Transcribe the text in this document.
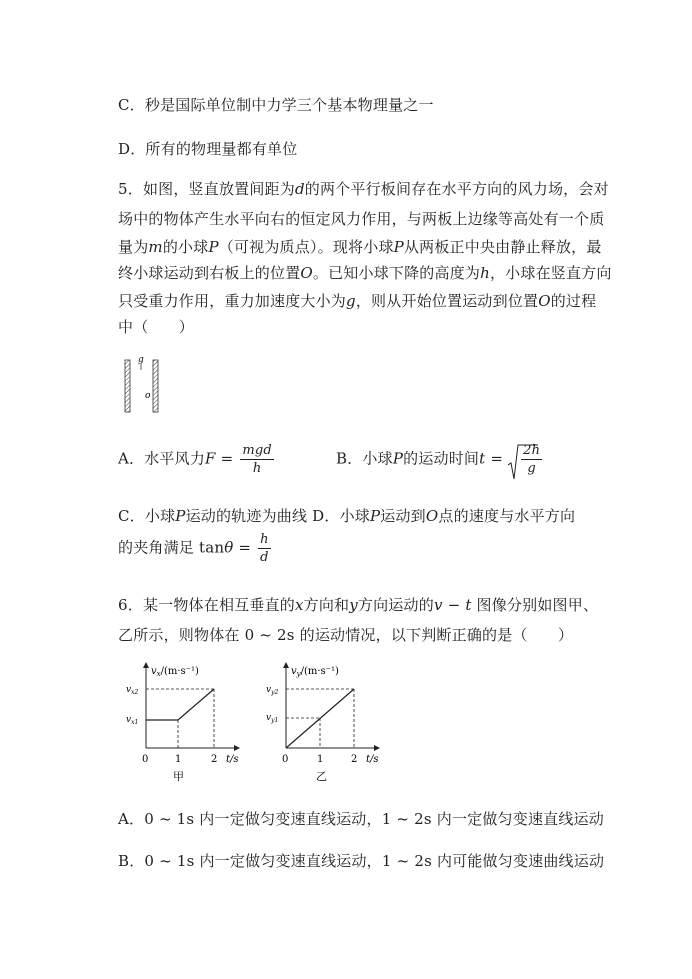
C．秒是国际单位制中力学三个基本物理量之一
D．所有的物理量都有单位
5．如图，竖直放置间距为d的两个平行板间存在水平方向的风力场，会对
场中的物体产生水平向右的恒定风力作用，与两板上边缘等高处有一个质
量为m的小球P（可视为质点）。现将小球P从两板正中央由静止释放，最
终小球运动到右板上的位置O。已知小球下降的高度为h，小球在竖直方向
只受重力作用，重力加速度大小为g，则从开始位置运动到位置O的过程
中（　　）
g
o
A．水平风力$F = \frac{\text{mgd}}{h}$	B．小球P的运动时间$t = \frac{2h}{g}$
C．小球P运动的轨迹为曲线 D．小球P运动到O点的速度与水平方向
的夹角满足 $\tan\theta = \frac{h}{d}$
6．某一物体在相互垂直的x方向和y方向运动的v − t 图像分别如图甲、
乙所示，则物体在 0 ~ 2s 的运动情况，以下判断正确的是（　　）
$v_x/(m\cdot s^{-1})$
$v_{x2}$
$v_{x1}$
0	1	2 t/s
甲
$v_y/(m\cdot s^{-1})$
$v_{y2}$
$v_{y1}$
0	1	2 t/s
乙
A．0 ~ 1s 内一定做匀变速直线运动，1 ~ 2s 内一定做匀变速直线运动
B．0 ~ 1s 内一定做匀变速直线运动，1 ~ 2s 内可能做匀变速曲线运动
